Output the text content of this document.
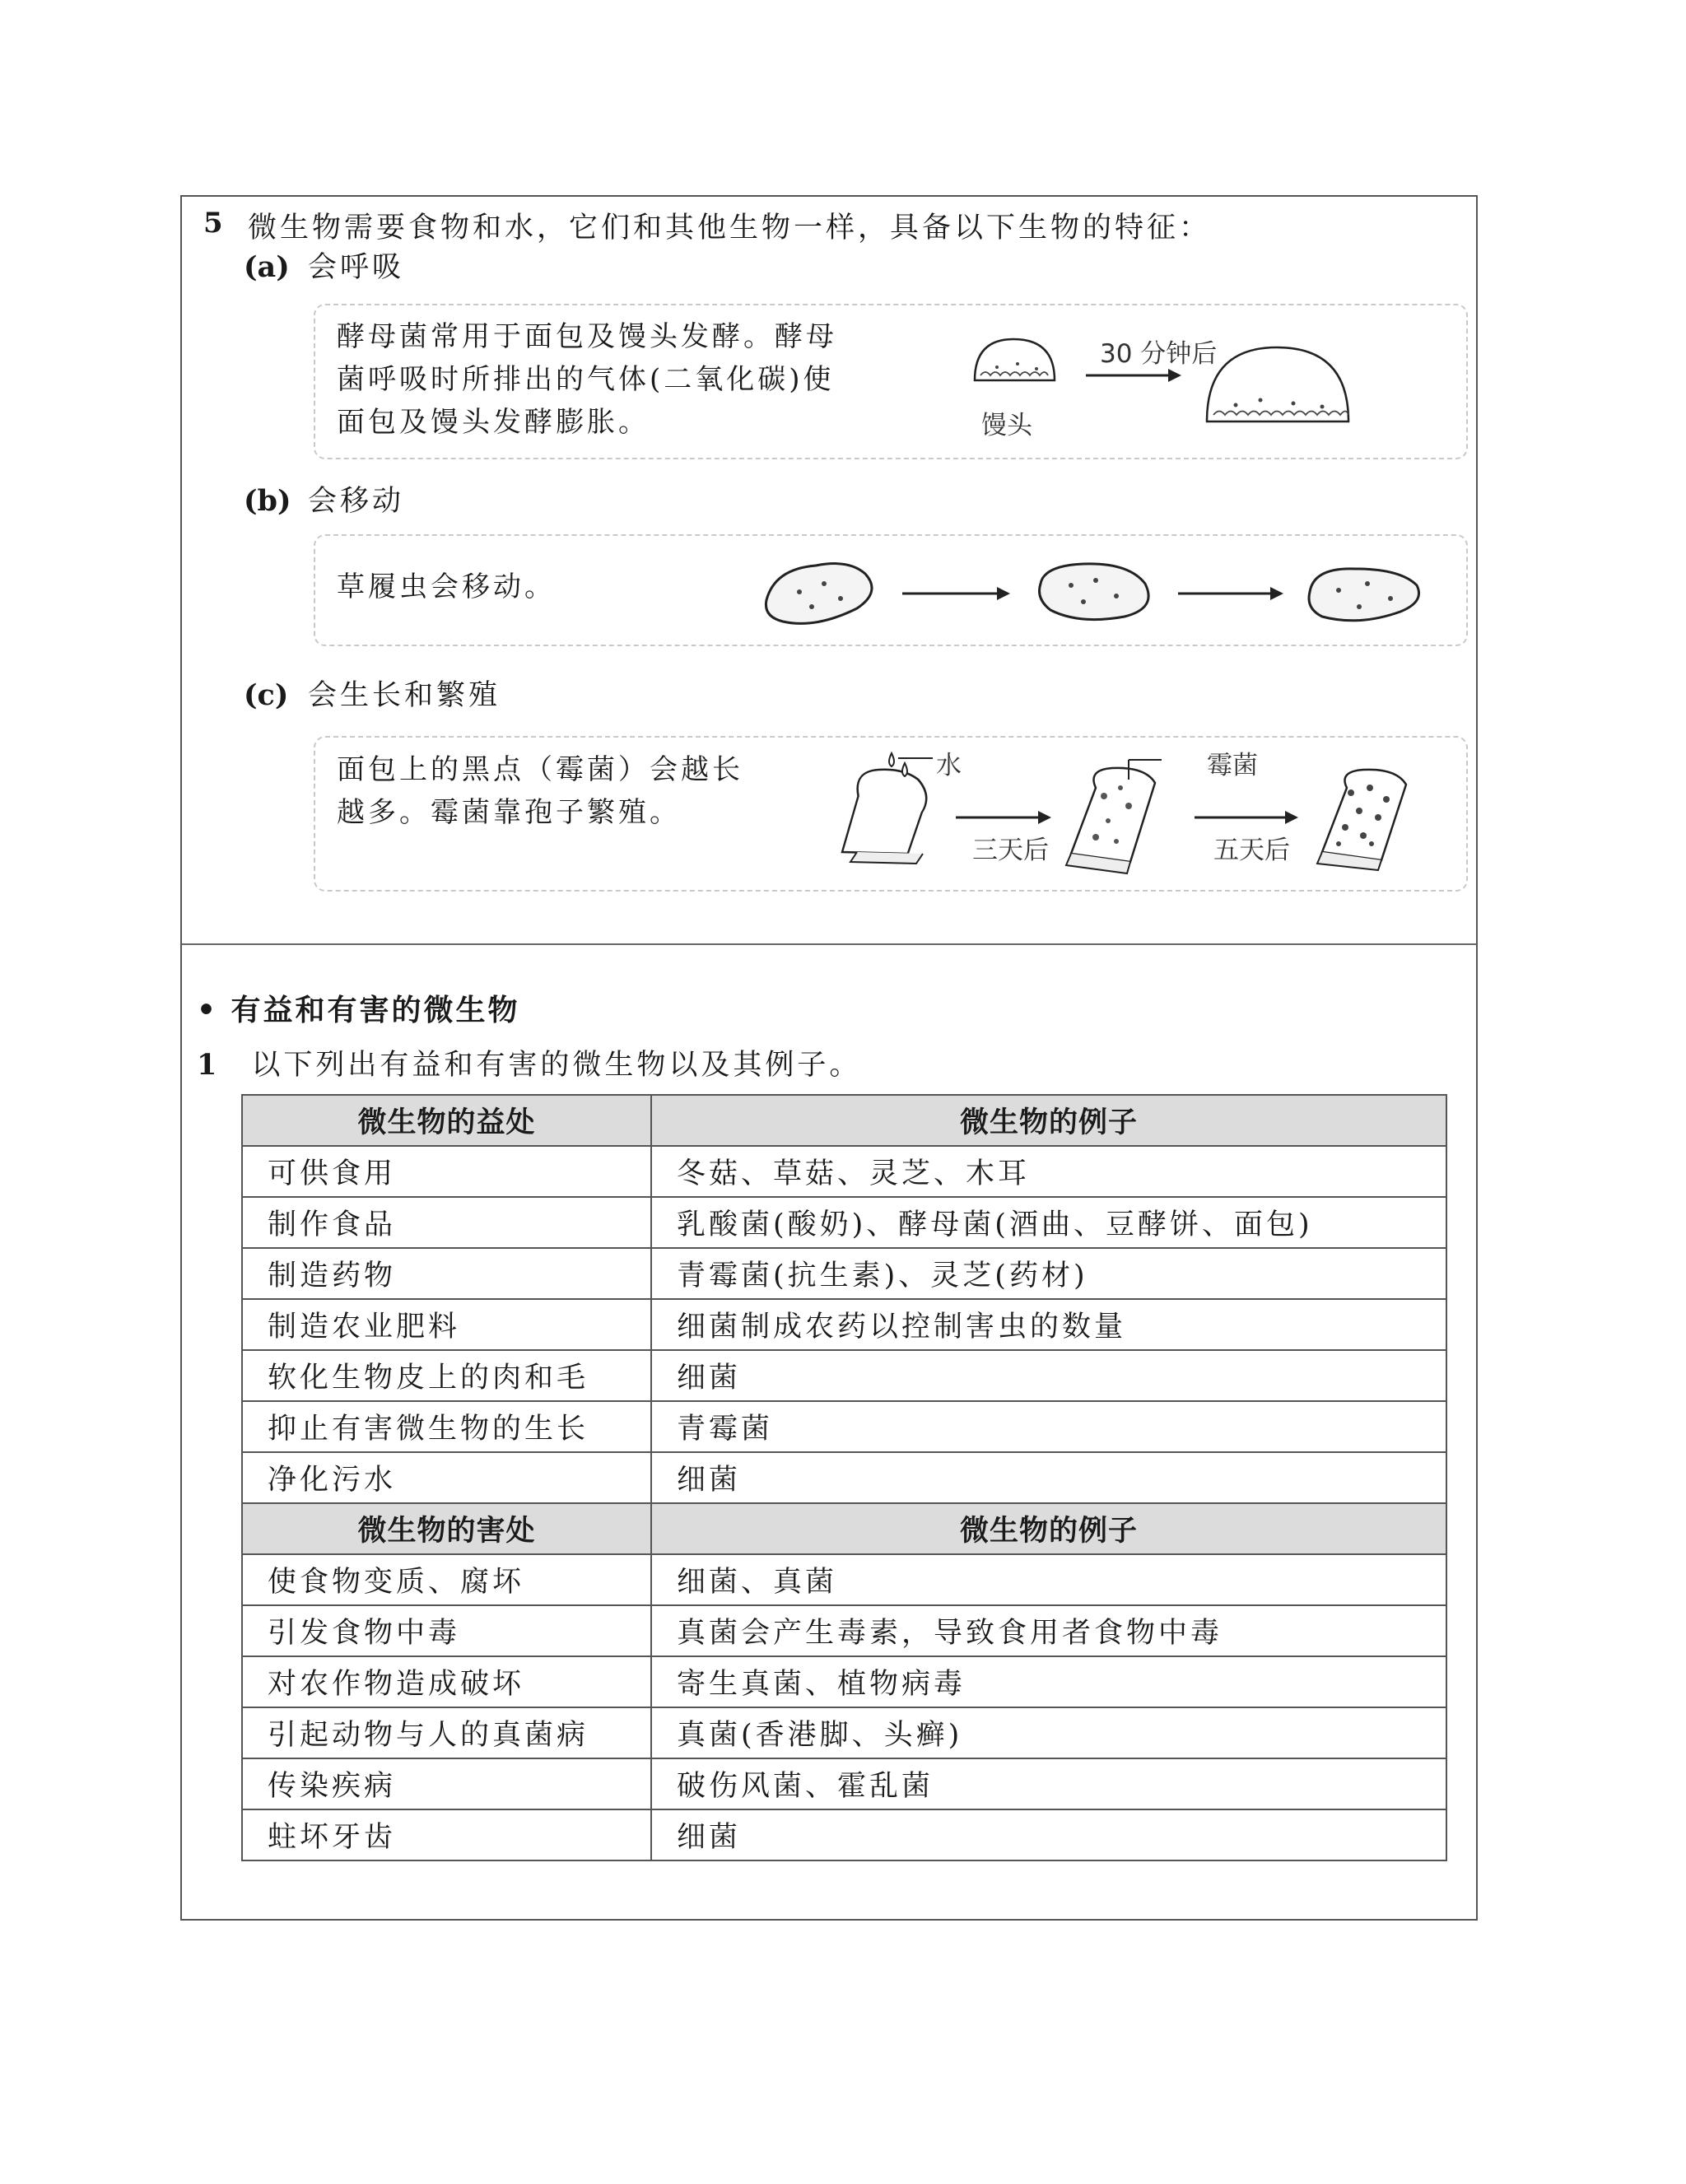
5 微生物需要食物和水，它们和其他生物一样，具备以下生物的特征：
(a) 会呼吸
酵母菌常用于面包及馒头发酵。酵母
菌呼吸时所排出的气体(二氧化碳)使
面包及馒头发酵膨胀。	馒头
30 分钟后
(b) 会移动
草履虫会移动。
(c) 会生长和繁殖
面包上的黑点（霉菌）会越长
越多。霉菌靠孢子繁殖。
水	霉菌
三天后	五天后
• 有益和有害的微生物
1 以下列出有益和有害的微生物以及其例子。
微生物的益处	微生物的例子
可供食用	冬菇、草菇、灵芝、木耳
制作食品	乳酸菌(酸奶)、酵母菌(酒曲、豆酵饼、面包)
制造药物	青霉菌(抗生素)、灵芝(药材)
制造农业肥料	细菌制成农药以控制害虫的数量
软化生物皮上的肉和毛	细菌
抑止有害微生物的生长	青霉菌
净化污水	细菌
微生物的害处	微生物的例子
使食物变质、腐坏	细菌、真菌
引发食物中毒	真菌会产生毒素，导致食用者食物中毒
对农作物造成破坏	寄生真菌、植物病毒
引起动物与人的真菌病	真菌(香港脚、头癣)
传染疾病	破伤风菌、霍乱菌
蛀坏牙齿	细菌
